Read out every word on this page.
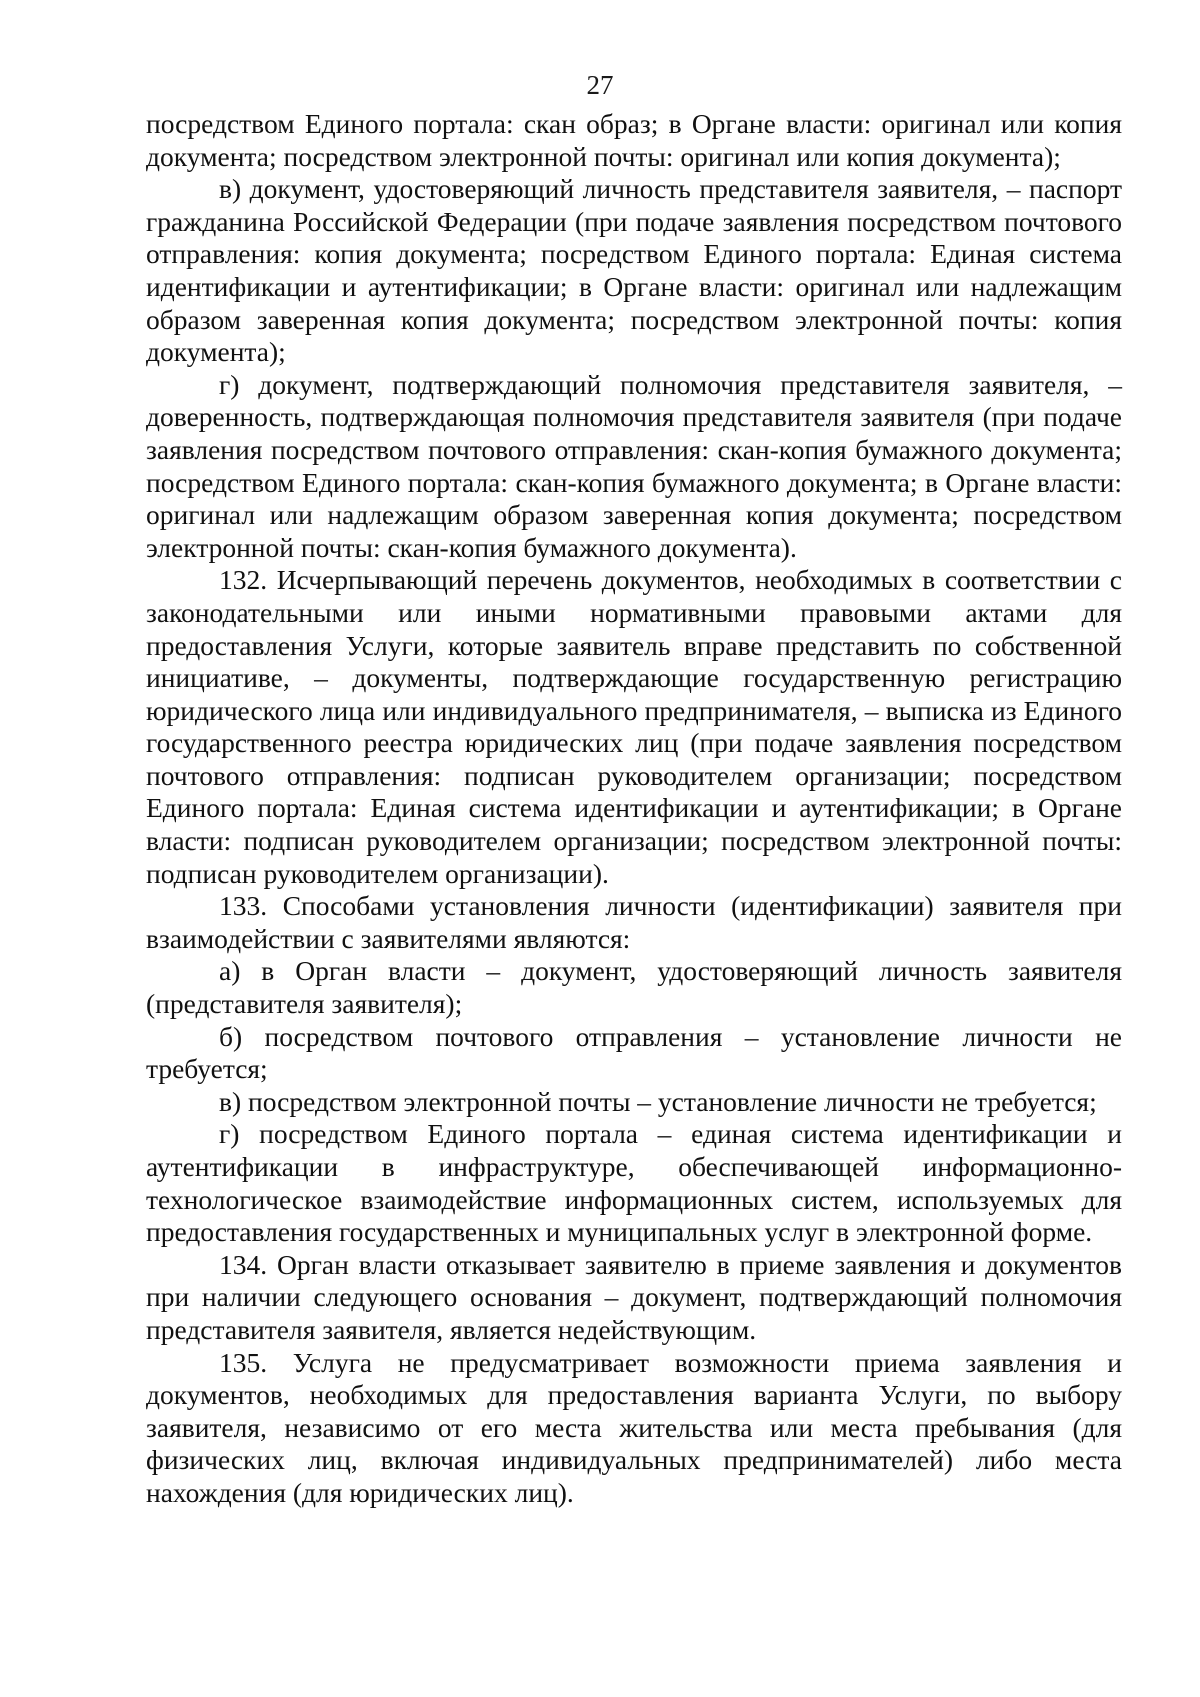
27

посредством Единого портала: скан образ; в Органе власти: оригинал или копия документа; посредством электронной почты: оригинал или копия документа);

в) документ, удостоверяющий личность представителя заявителя, – паспорт гражданина Российской Федерации (при подаче заявления посредством почтового отправления: копия документа; посредством Единого портала: Единая система идентификации и аутентификации; в Органе власти: оригинал или надлежащим образом заверенная копия документа; посредством электронной почты: копия документа);

г) документ, подтверждающий полномочия представителя заявителя, – доверенность, подтверждающая полномочия представителя заявителя (при подаче заявления посредством почтового отправления: скан-копия бумажного документа; посредством Единого портала: скан-копия бумажного документа; в Органе власти: оригинал или надлежащим образом заверенная копия документа; посредством электронной почты: скан-копия бумажного документа).

132. Исчерпывающий перечень документов, необходимых в соответствии с законодательными или иными нормативными правовыми актами для предоставления Услуги, которые заявитель вправе представить по собственной инициативе, – документы, подтверждающие государственную регистрацию юридического лица или индивидуального предпринимателя, – выписка из Единого государственного реестра юридических лиц (при подаче заявления посредством почтового отправления: подписан руководителем организации; посредством Единого портала: Единая система идентификации и аутентификации; в Органе власти: подписан руководителем организации; посредством электронной почты: подписан руководителем организации).

133. Способами установления личности (идентификации) заявителя при взаимодействии с заявителями являются:

а) в Орган власти – документ, удостоверяющий личность заявителя (представителя заявителя);

б) посредством почтового отправления – установление личности не требуется;

в) посредством электронной почты – установление личности не требуется;

г) посредством Единого портала – единая система идентификации и аутентификации в инфраструктуре, обеспечивающей информационно-технологическое взаимодействие информационных систем, используемых для предоставления государственных и муниципальных услуг в электронной форме.

134. Орган власти отказывает заявителю в приеме заявления и документов при наличии следующего основания – документ, подтверждающий полномочия представителя заявителя, является недействующим.

135. Услуга не предусматривает возможности приема заявления и документов, необходимых для предоставления варианта Услуги, по выбору заявителя, независимо от его места жительства или места пребывания (для физических лиц, включая индивидуальных предпринимателей) либо места нахождения (для юридических лиц).
